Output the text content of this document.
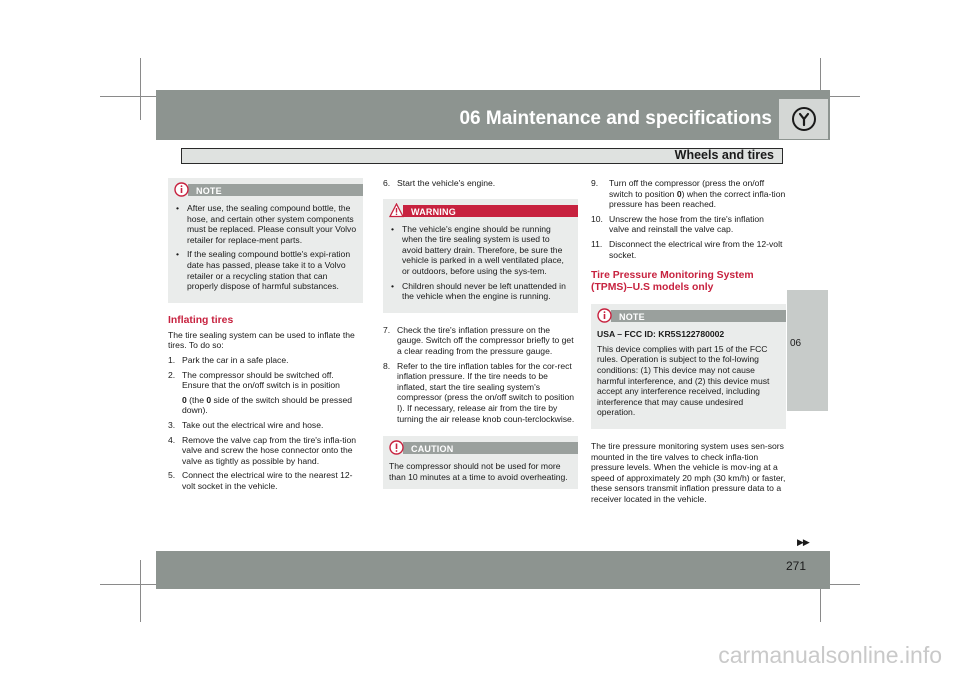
06 Maintenance and specifications
Wheels and tires
06
NOTE
• After use, the sealing compound bottle, the hose, and certain other system components must be replaced. Please consult your Volvo retailer for replace-ment parts.
• If the sealing compound bottle's expi-ration date has passed, please take it to a Volvo retailer or a recycling station that can properly dispose of harmful substances.
Inflating tires

The tire sealing system can be used to inflate the tires. To do so:

1. Park the car in a safe place.
2. The compressor should be switched off. Ensure that the on/off switch is in position
0 (the 0 side of the switch should be pressed down).
3. Take out the electrical wire and hose.
4. Remove the valve cap from the tire's infla-tion valve and screw the hose connector onto the valve as tightly as possible by hand.
5. Connect the electrical wire to the nearest 12-volt socket in the vehicle.
6. Start the vehicle's engine.
WARNING
• The vehicle's engine should be running when the tire sealing system is used to avoid battery drain. Therefore, be sure the vehicle is parked in a well ventilated place, or outdoors, before using the sys-tem.
• Children should never be left unattended in the vehicle when the engine is running.
7. Check the tire's inflation pressure on the gauge. Switch off the compressor briefly to get a clear reading from the pressure gauge.
8. Refer to the tire inflation tables for the cor-rect inflation pressure. If the tire needs to be inflated, start the tire sealing system's compressor (press the on/off switch to position I). If necessary, release air from the tire by turning the air release knob coun-terclockwise.
CAUTION
The compressor should not be used for more than 10 minutes at a time to avoid overheating.
9. Turn off the compressor (press the on/off switch to position 0) when the correct infla-tion pressure has been reached.
10. Unscrew the hose from the tire's inflation valve and reinstall the valve cap.
11. Disconnect the electrical wire from the 12-volt socket.
Tire Pressure Monitoring System (TPMS)–U.S models only
NOTE

USA – FCC ID: KR5S122780002

This device complies with part 15 of the FCC rules. Operation is subject to the fol-lowing conditions: (1) This device may not cause harmful interference, and (2) this device must accept any interference received, including interference that may cause undesired operation.

The tire pressure monitoring system uses sen-sors mounted in the tire valves to check infla-tion pressure levels. When the vehicle is mov-ing at a speed of approximately 20 mph (30 km/h) or faster, these sensors transmit inflation pressure data to a receiver located in the vehicle.

▶▶
271
carmanualsonline.info
